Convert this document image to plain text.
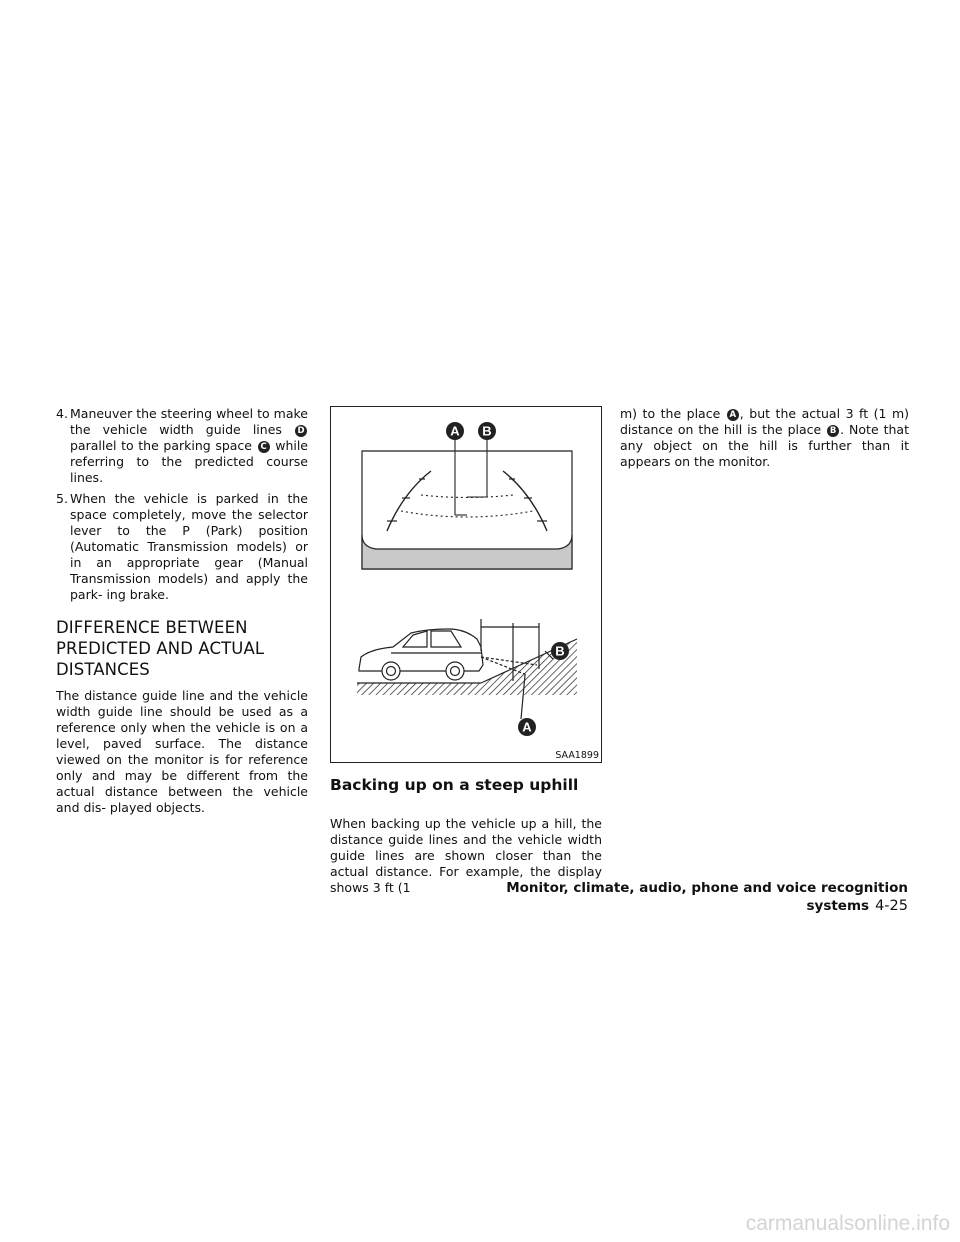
4. Maneuver the steering wheel to make the vehicle width guide lines D parallel to the parking space C while referring to the predicted course lines.

5. When the vehicle is parked in the space completely, move the selector lever to the P (Park) position (Automatic Transmission models) or in an appropriate gear (Manual Transmission models) and apply the park- ing brake.

DIFFERENCE BETWEEN PREDICTED AND ACTUAL DISTANCES

The distance guide line and the vehicle width guide line should be used as a reference only when the vehicle is on a level, paved surface. The distance viewed on the monitor is for reference only and may be different from the actual distance between the vehicle and dis- played objects.

A B
B
A
SAA1899
Backing up on a steep uphill

When backing up the vehicle up a hill, the distance guide lines and the vehicle width guide lines are shown closer than the actual distance. For example, the display shows 3 ft (1

m) to the place A , but the actual 3 ft (1 m) distance on the hill is the place B . Note that any object on the hill is further than it appears on the monitor.

Monitor, climate, audio, phone and voice recognition systems 4-25
carmanualsonline.info
